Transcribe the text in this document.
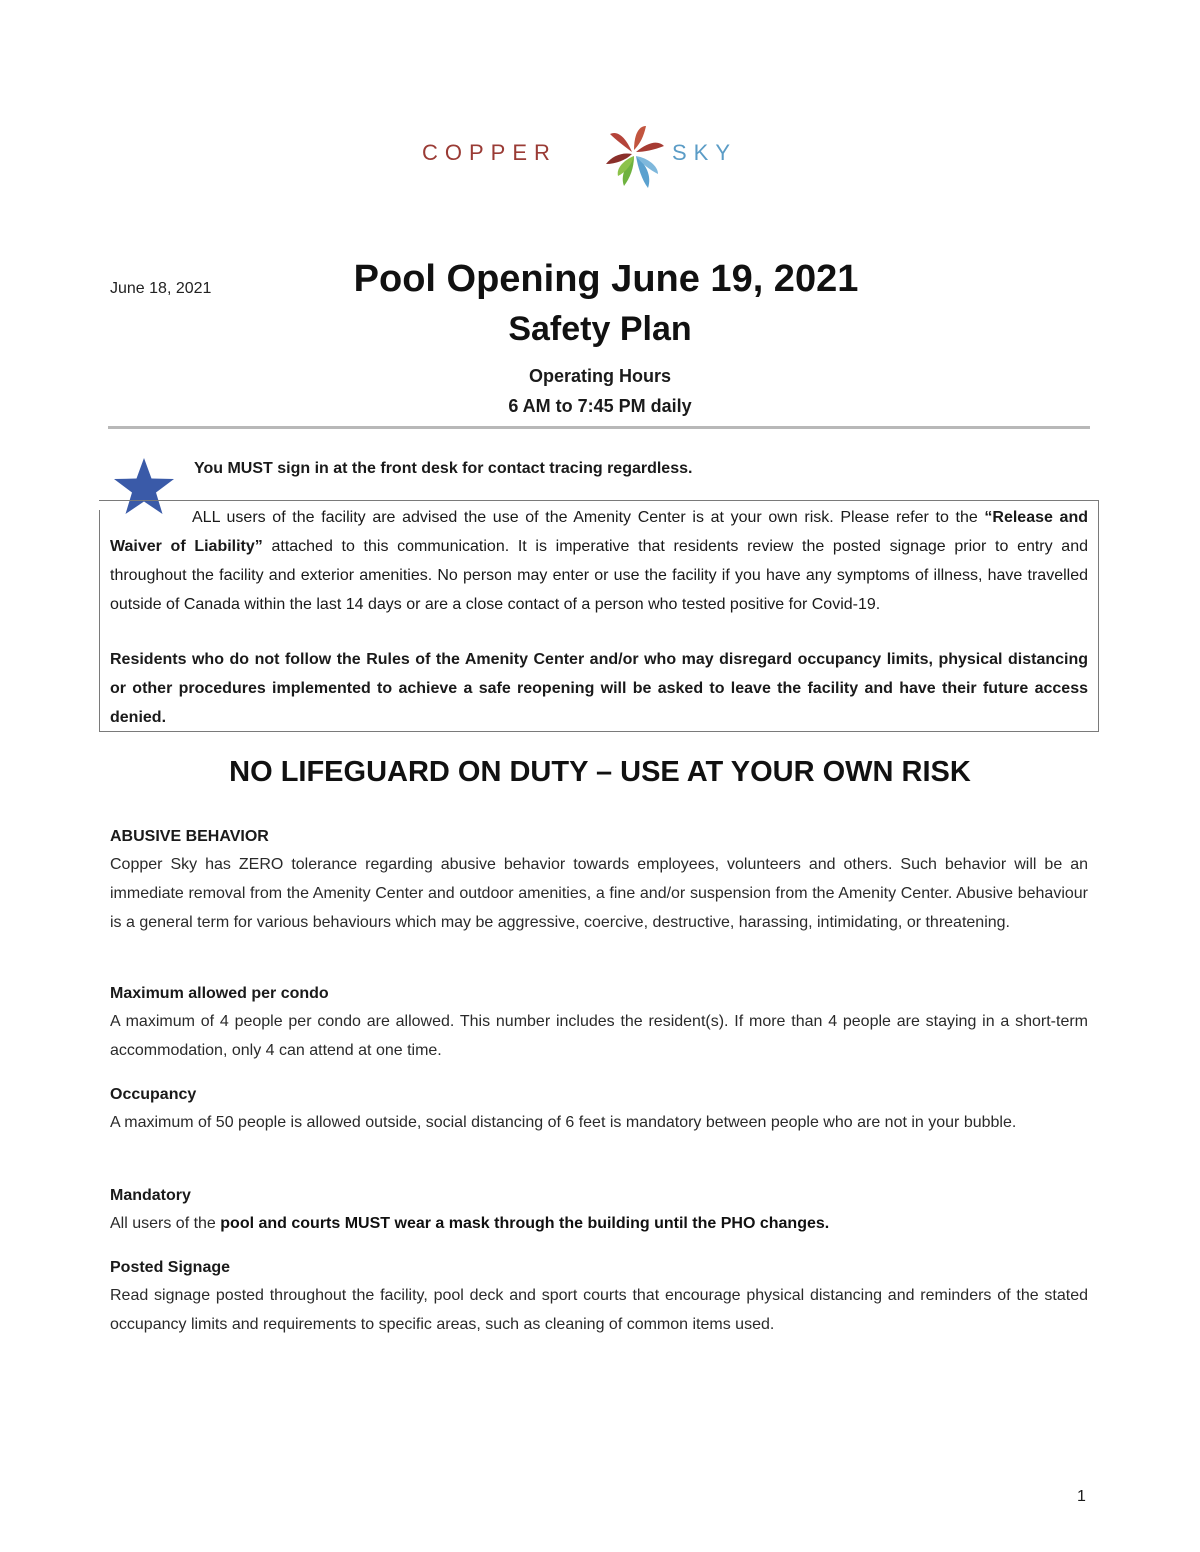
COPPER	SKY
June 18, 2021	Pool Opening June 19, 2021
Safety Plan
Operating Hours
6 AM to 7:45 PM daily
You MUST sign in at the front desk for contact tracing regardless.
ALL users of the facility are advised the use of the Amenity Center is at your own risk. Please refer to the “Release and Waiver of Liability” attached to this communication. It is imperative that residents review the posted signage prior to entry and throughout the facility and exterior amenities. No person may enter or use the facility if you have any symptoms of illness, have travelled outside of Canada within the last 14 days or are a close contact of a person who tested positive for Covid-19.
Residents who do not follow the Rules of the Amenity Center and/or who may disregard occupancy limits, physical distancing or other procedures implemented to achieve a safe reopening will be asked to leave the facility and have their future access denied.
NO LIFEGUARD ON DUTY – USE AT YOUR OWN RISK
ABUSIVE BEHAVIOR
Copper Sky has ZERO tolerance regarding abusive behavior towards employees, volunteers and others. Such behavior will be an immediate removal from the Amenity Center and outdoor amenities, a fine and/or suspension from the Amenity Center. Abusive behaviour is a general term for various behaviours which may be aggressive, coercive, destructive, harassing, intimidating, or threatening.
Maximum allowed per condo
A maximum of 4 people per condo are allowed. This number includes the resident(s). If more than 4 people are staying in a short-term accommodation, only 4 can attend at one time.
Occupancy
A maximum of 50 people is allowed outside, social distancing of 6 feet is mandatory between people who are not in your bubble.
Mandatory
All users of the pool and courts MUST wear a mask through the building until the PHO changes.
Posted Signage
Read signage posted throughout the facility, pool deck and sport courts that encourage physical distancing and reminders of the stated occupancy limits and requirements to specific areas, such as cleaning of common items used.
1
